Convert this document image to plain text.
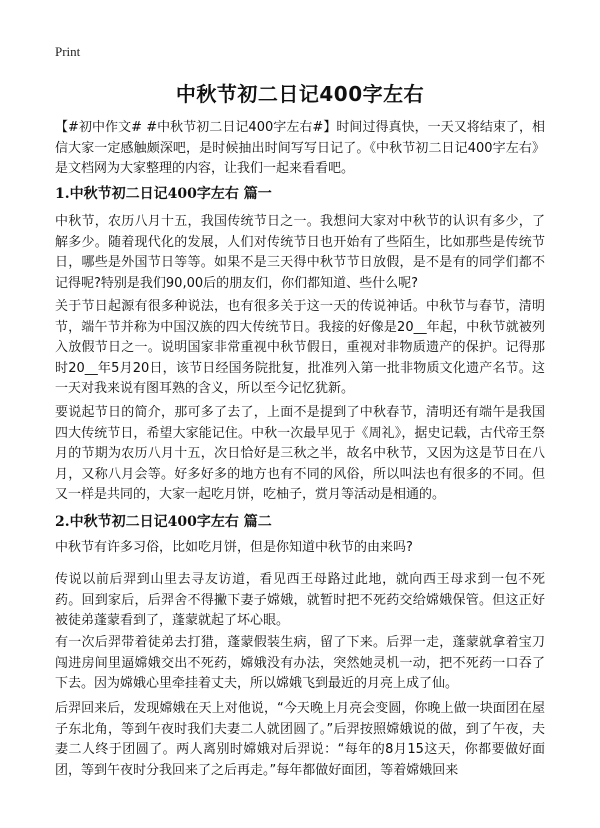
Print
中秋节初二日记400字左右
【#初中作文# #中秋节初二日记400字左右#】时间过得真快，一天又将结束了，相信大家一定感触颇深吧，是时候抽出时间写写日记了。《中秋节初二日记400字左右》是文档网为大家整理的内容，让我们一起来看看吧。
1.中秋节初二日记400字左右 篇一
中秋节，农历八月十五，我国传统节日之一。我想问大家对中秋节的认识有多少，了解多少。随着现代化的发展，人们对传统节日也开始有了些陌生，比如那些是传统节日，哪些是外国节日等等。如果不是三天得中秋节节日放假，是不是有的同学们都不记得呢?特别是我们90,00后的朋友们，你们都知道、些什么呢?
关于节日起源有很多种说法，也有很多关于这一天的传说神话。中秋节与春节，清明节，端午节并称为中国汉族的四大传统节日。我接的好像是20__年起，中秋节就被列入放假节日之一。说明国家非常重视中秋节假日，重视对非物质遗产的保护。记得那时20__年5月20日，该节日经国务院批复，批准列入第一批非物质文化遗产名节。这一天对我来说有图耳熟的含义，所以至今记忆犹新。
要说起节日的简介，那可多了去了，上面不是提到了中秋春节，清明还有端午是我国四大传统节日，希望大家能记住。中秋一次最早见于《周礼》，据史记载，古代帝王祭月的节期为农历八月十五，次日恰好是三秋之半，故名中秋节，又因为这是节日在八月，又称八月会等。好多好多的地方也有不同的风俗，所以叫法也有很多的不同。但又一样是共同的，大家一起吃月饼，吃柚子，赏月等活动是相通的。
2.中秋节初二日记400字左右 篇二
中秋节有许多习俗，比如吃月饼，但是你知道中秋节的由来吗?
传说以前后羿到山里去寻友访道，看见西王母路过此地，就向西王母求到一包不死药。回到家后，后羿舍不得撇下妻子嫦娥，就暂时把不死药交给嫦娥保管。但这正好被徒弟蓬蒙看到了，蓬蒙就起了坏心眼。
有一次后羿带着徒弟去打猎，蓬蒙假装生病，留了下来。后羿一走，蓬蒙就拿着宝刀闯进房间里逼嫦娥交出不死药，嫦娥没有办法，突然她灵机一动，把不死药一口吞了下去。因为嫦娥心里牵挂着丈夫，所以嫦娥飞到最近的月亮上成了仙。
后羿回来后，发现嫦娥在天上对他说，“今天晚上月亮会变圆，你晚上做一块面团在屋子东北角，等到午夜时我们夫妻二人就团圆了。”后羿按照嫦娥说的做，到了午夜，夫妻二人终于团圆了。两人离别时嫦娥对后羿说：“每年的8月15这天，你都要做好面团，等到午夜时分我回来了之后再走。”每年都做好面团，等着嫦娥回来
